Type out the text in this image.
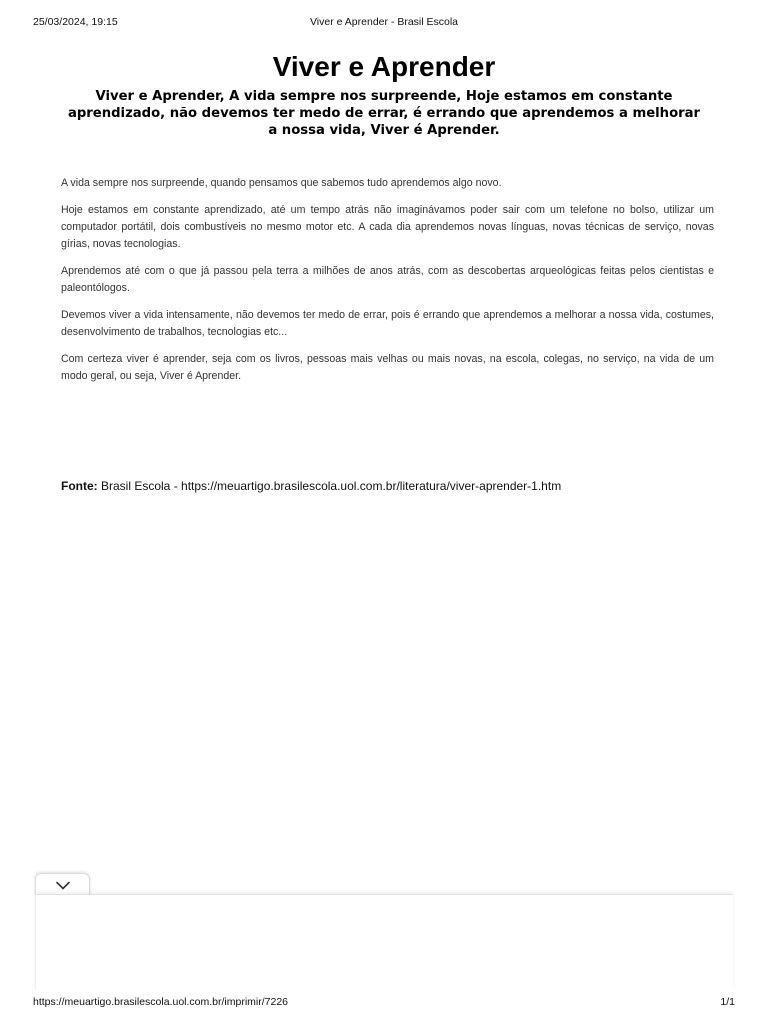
25/03/2024, 19:15	Viver e Aprender - Brasil Escola
Viver e Aprender

Viver e Aprender, A vida sempre nos surpreende, Hoje estamos em constante aprendizado, não devemos ter medo de errar, é errando que aprendemos a melhorar a nossa vida, Viver é Aprender.

A vida sempre nos surpreende, quando pensamos que sabemos tudo aprendemos algo novo.

Hoje estamos em constante aprendizado, até um tempo atrás não imaginávamos poder sair com um telefone no bolso, utilizar um computador portátil, dois combustíveis no mesmo motor etc. A cada dia aprendemos novas línguas, novas técnicas de serviço, novas gírias, novas tecnologias.

Aprendemos até com o que já passou pela terra a milhões de anos atrás, com as descobertas arqueológicas feitas pelos cientistas e paleontólogos.

Devemos viver a vida intensamente, não devemos ter medo de errar, pois é errando que aprendemos a melhorar a nossa vida, costumes, desenvolvimento de trabalhos, tecnologias etc...

Com certeza viver é aprender, seja com os livros, pessoas mais velhas ou mais novas, na escola, colegas, no serviço, na vida de um modo geral, ou seja, Viver é Aprender.

Fonte: Brasil Escola - https://meuartigo.brasilescola.uol.com.br/literatura/viver-aprender-1.htm
https://meuartigo.brasilescola.uol.com.br/imprimir/7226	1/1
